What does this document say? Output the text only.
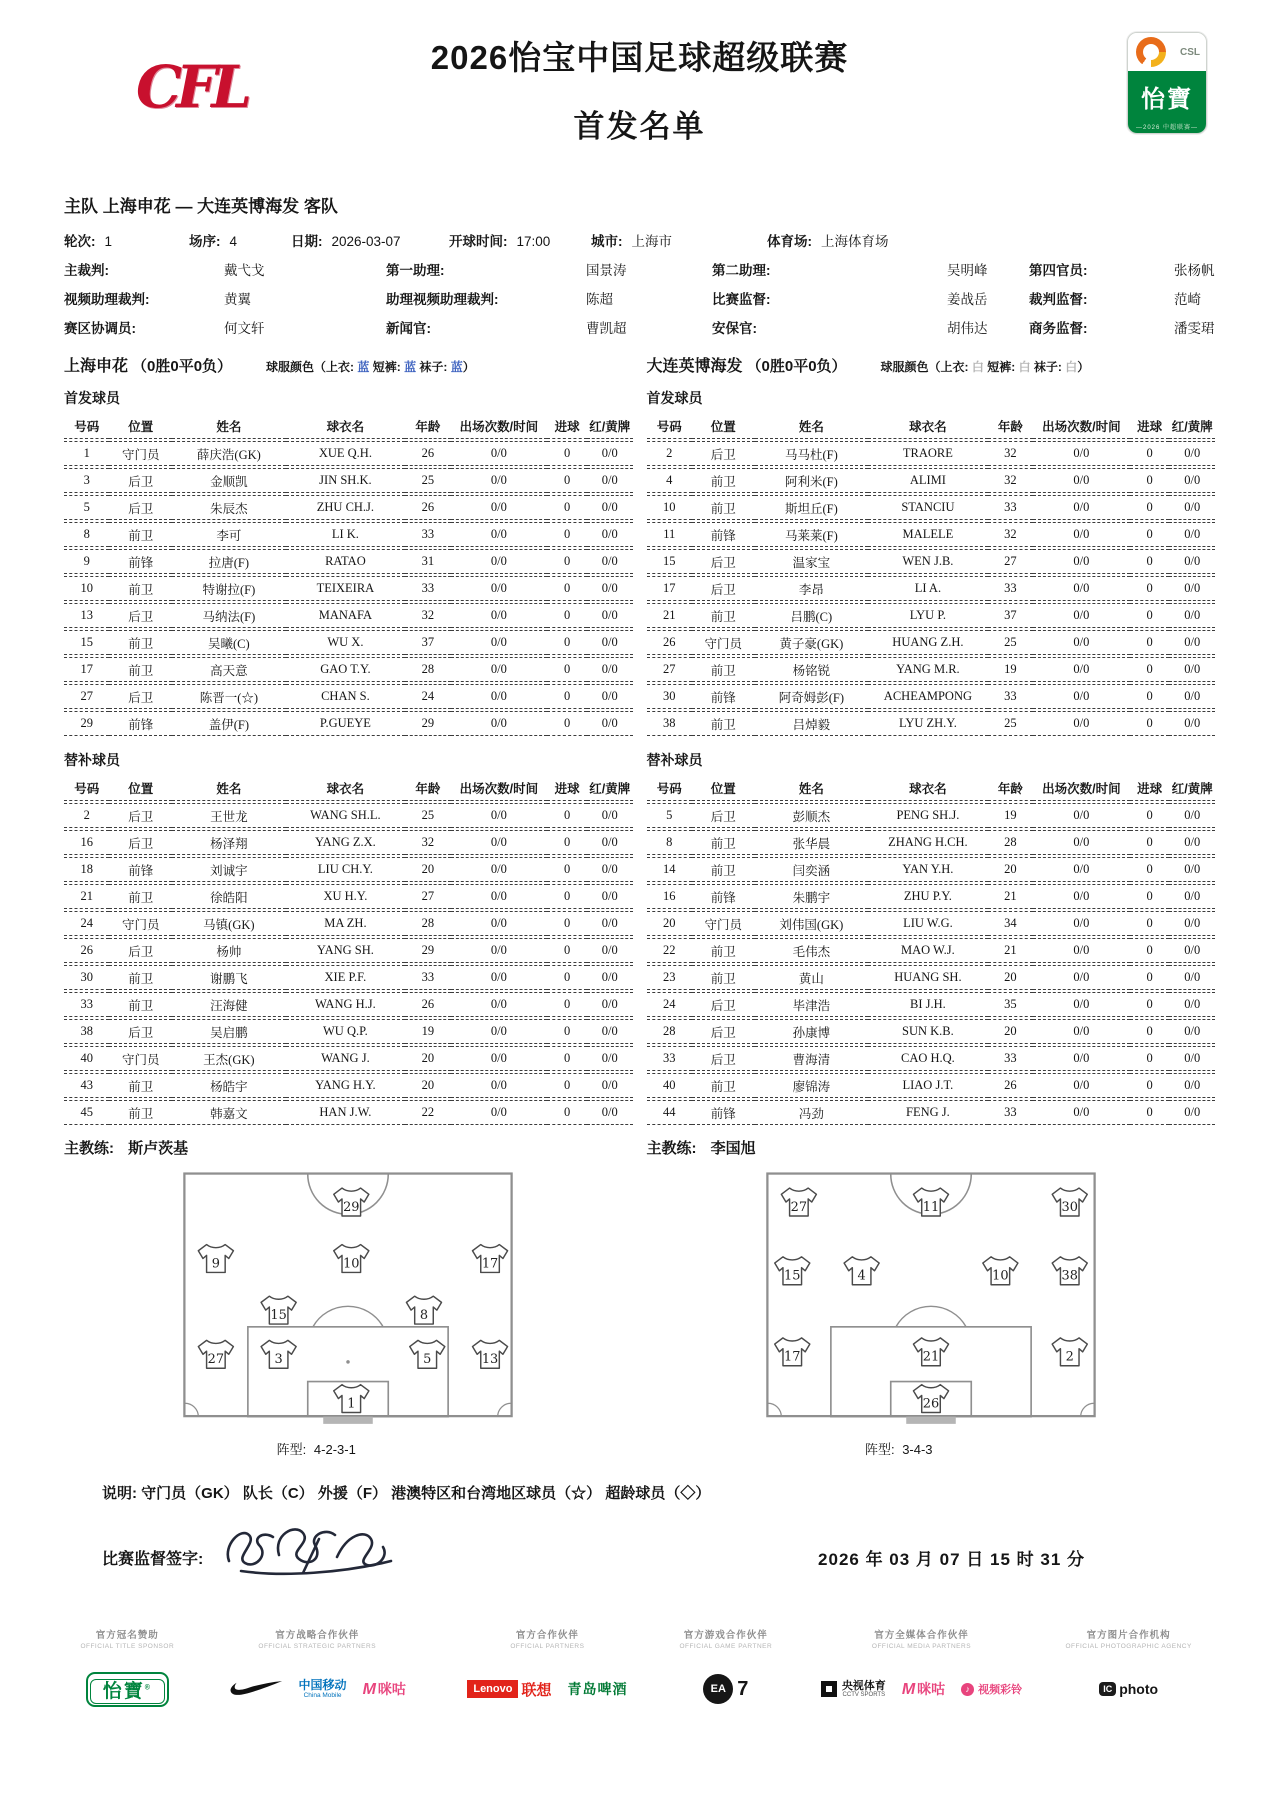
CFL	2026怡宝中国足球超级联赛
首发名单
CSL
怡寶
—2026 中超联赛—
主队 上海申花 — 大连英博海发 客队
轮次: 1	场序: 4	日期: 2026-03-07	开球时间: 17:00	城市: 上海市	体育场: 上海体育场
主裁判:	戴弋戈	第一助理:	国景涛	第二助理:	吴明峰	第四官员:	张杨帆
视频助理裁判:	黄翼	助理视频助理裁判:	陈超	比赛监督:	姜战岳	裁判监督:	范崎
赛区协调员:	何文轩	新闻官:	曹凯超	安保官:	胡伟达	商务监督:	潘雯珺
上海申花 （0胜0平0负）	球服颜色（上衣: 蓝 短裤: 蓝 袜子: 蓝）
首发球员
号码	位置	姓名	球衣名	年龄	出场次数/时间	进球	红/黄牌
1	守门员	薛庆浩(GK)	XUE Q.H.	26	0/0	0	0/0
3	后卫	金顺凯	JIN SH.K.	25	0/0	0	0/0
5	后卫	朱辰杰	ZHU CH.J.	26	0/0	0	0/0
8	前卫	李可	LI K.	33	0/0	0	0/0
9	前锋	拉唐(F)	RATAO	31	0/0	0	0/0
10	前卫	特谢拉(F)	TEIXEIRA	33	0/0	0	0/0
13	后卫	马纳法(F)	MANAFA	32	0/0	0	0/0
15	前卫	吴曦(C)	WU X.	37	0/0	0	0/0
17	前卫	高天意	GAO T.Y.	28	0/0	0	0/0
27	后卫	陈晋一(☆)	CHAN S.	24	0/0	0	0/0
29	前锋	盖伊(F)	P.GUEYE	29	0/0	0	0/0
替补球员
号码	位置	姓名	球衣名	年龄	出场次数/时间	进球	红/黄牌
2	后卫	王世龙	WANG SH.L.	25	0/0	0	0/0
16	后卫	杨泽翔	YANG Z.X.	32	0/0	0	0/0
18	前锋	刘诚宇	LIU CH.Y.	20	0/0	0	0/0
21	前卫	徐皓阳	XU H.Y.	27	0/0	0	0/0
24	守门员	马镇(GK)	MA ZH.	28	0/0	0	0/0
26	后卫	杨帅	YANG SH.	29	0/0	0	0/0
30	前卫	谢鹏飞	XIE P.F.	33	0/0	0	0/0
33	前卫	汪海健	WANG H.J.	26	0/0	0	0/0
38	后卫	吴启鹏	WU Q.P.	19	0/0	0	0/0
40	守门员	王杰(GK)	WANG J.	20	0/0	0	0/0
43	前卫	杨皓宇	YANG H.Y.	20	0/0	0	0/0
45	前卫	韩嘉文	HAN J.W.	22	0/0	0	0/0
主教练: 斯卢茨基
29
9	10	17
15	8
27	3	5	13
1
阵型: 4-2-3-1
大连英博海发 （0胜0平0负）	球服颜色（上衣: 白 短裤: 白 袜子: 白）
首发球员
号码	位置	姓名	球衣名	年龄	出场次数/时间	进球	红/黄牌
2	后卫	马马杜(F)	TRAORE	32	0/0	0	0/0
4	前卫	阿利米(F)	ALIMI	32	0/0	0	0/0
10	前卫	斯坦丘(F)	STANCIU	33	0/0	0	0/0
11	前锋	马莱莱(F)	MALELE	32	0/0	0	0/0
15	后卫	温家宝	WEN J.B.	27	0/0	0	0/0
17	后卫	李昂	LI A.	33	0/0	0	0/0
21	前卫	吕鹏(C)	LYU P.	37	0/0	0	0/0
26	守门员	黄子豪(GK)	HUANG Z.H.	25	0/0	0	0/0
27	前卫	杨铭锐	YANG M.R.	19	0/0	0	0/0
30	前锋	阿奇姆彭(F)	ACHEAMPONG	33	0/0	0	0/0
38	前卫	吕焯毅	LYU ZH.Y.	25	0/0	0	0/0
替补球员
号码	位置	姓名	球衣名	年龄	出场次数/时间	进球	红/黄牌
5	后卫	彭顺杰	PENG SH.J.	19	0/0	0	0/0
8	前卫	张华晨	ZHANG H.CH.	28	0/0	0	0/0
14	前卫	闫奕涵	YAN Y.H.	20	0/0	0	0/0
16	前锋	朱鹏宇	ZHU P.Y.	21	0/0	0	0/0
20	守门员	刘伟国(GK)	LIU W.G.	34	0/0	0	0/0
22	前卫	毛伟杰	MAO W.J.	21	0/0	0	0/0
23	前卫	黄山	HUANG SH.	20	0/0	0	0/0
24	后卫	毕津浩	BI J.H.	35	0/0	0	0/0
28	后卫	孙康博	SUN K.B.	20	0/0	0	0/0
33	后卫	曹海清	CAO H.Q.	33	0/0	0	0/0
40	前卫	廖锦涛	LIAO J.T.	26	0/0	0	0/0
44	前锋	冯劲	FENG J.	33	0/0	0	0/0
主教练: 李国旭
27	11	30
15	4	10	38
17	21	2
26
阵型: 3-4-3
说明: 守门员（GK） 队长（C） 外援（F） 港澳特区和台湾地区球员（☆） 超龄球员（◇）
比赛监督签字:	2026 年 03 月 07 日 15 时 31 分
官方冠名赞助
OFFICIAL TITLE SPONSOR
怡寶®
官方战略合作伙伴
OFFICIAL STRATEGIC PARTNERS
中国移动
China Mobile	M 咪咕
官方合作伙伴
OFFICIAL PARTNERS
Lenovo 联想 青岛啤酒
官方游戏合作伙伴
OFFICIAL GAME PARTNER
EA 7
官方全媒体合作伙伴
OFFICIAL MEDIA PARTNERS
央视体育
CCTV SPORTS M 咪咕	♪ 视频彩铃
官方图片合作机构
OFFICIAL PHOTOGRAPHIC AGENCY
IC photo
